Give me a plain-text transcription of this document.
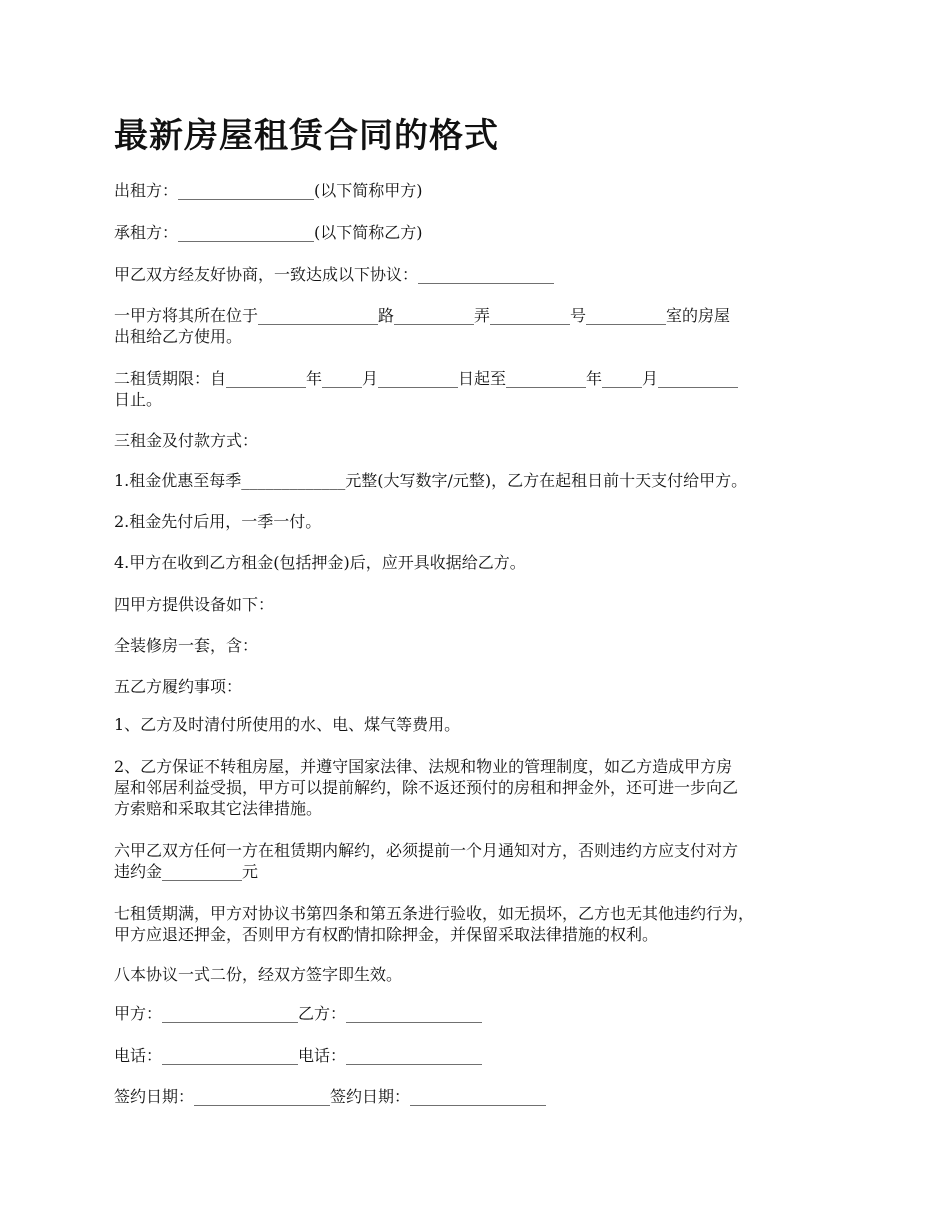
最新房屋租赁合同的格式

出租方：_________________(以下简称甲方)

承租方：_________________(以下简称乙方)

甲乙双方经友好协商，一致达成以下协议：_________________

一甲方将其所在位于_______________路__________弄__________号__________室的房屋
出租给乙方使用。

二租赁期限：自__________年_____月__________日起至__________年_____月__________
日止。

三租金及付款方式：

1.租金优惠至每季_____________元整(大写数字/元整)，乙方在起租日前十天支付给甲方。

2.租金先付后用，一季一付。

4.甲方在收到乙方租金(包括押金)后，应开具收据给乙方。

四甲方提供设备如下：

全装修房一套，含：

五乙方履约事项：

1、乙方及时清付所使用的水、电、煤气等费用。

2、乙方保证不转租房屋，并遵守国家法律、法规和物业的管理制度，如乙方造成甲方房
屋和邻居利益受损，甲方可以提前解约，除不返还预付的房租和押金外，还可进一步向乙
方索赔和采取其它法律措施。

六甲乙双方任何一方在租赁期内解约，必须提前一个月通知对方，否则违约方应支付对方
违约金__________元

七租赁期满，甲方对协议书第四条和第五条进行验收，如无损坏，乙方也无其他违约行为，
甲方应退还押金，否则甲方有权酌情扣除押金，并保留采取法律措施的权利。

八本协议一式二份，经双方签字即生效。

甲方：_________________乙方：_________________

电话：_________________电话：_________________

签约日期：_________________签约日期：_________________
